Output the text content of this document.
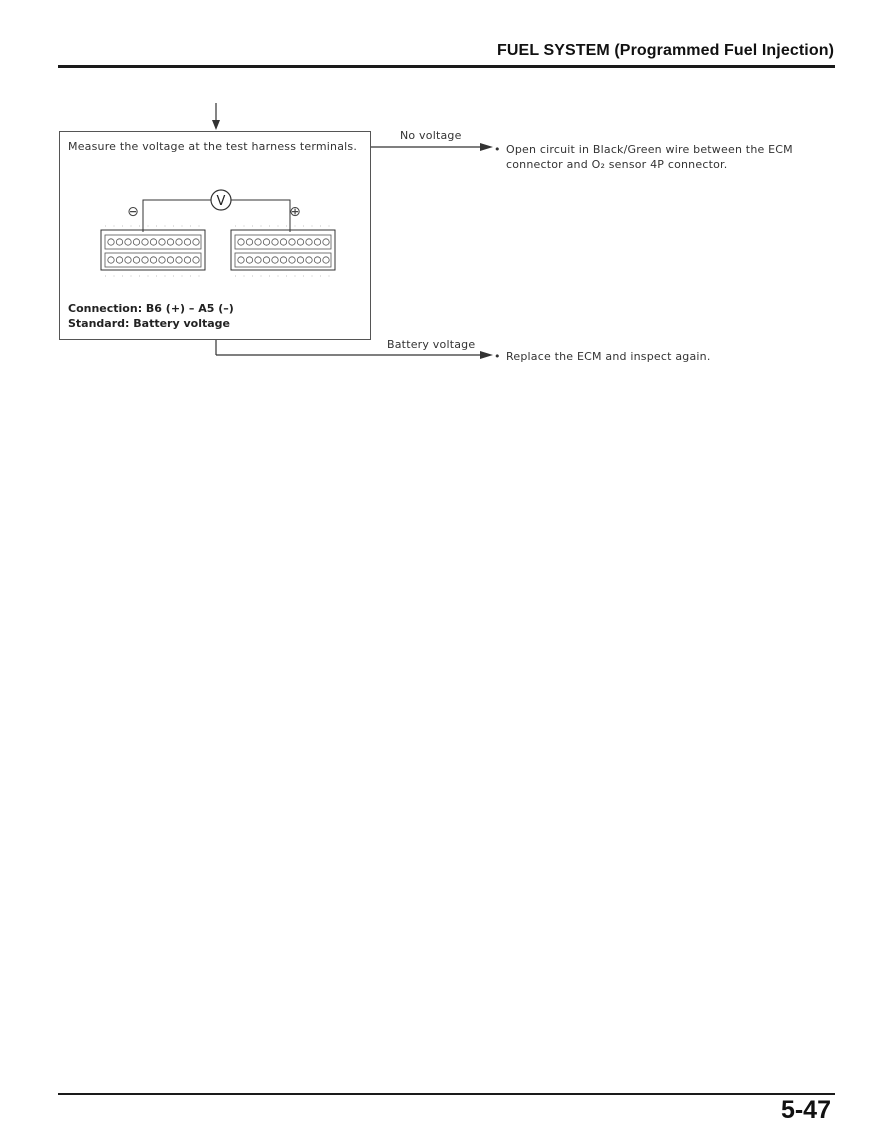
FUEL SYSTEM (Programmed Fuel Injection)
Measure the voltage at the test harness terminals.
V
⊖	⊕
Connection: B6 (+) – A5 (–)
Standard: Battery voltage
No voltage
Battery voltage
• Open circuit in Black/Green wire between the ECM connector and O₂ sensor 4P connector.
• Replace the ECM and inspect again.
5-47
